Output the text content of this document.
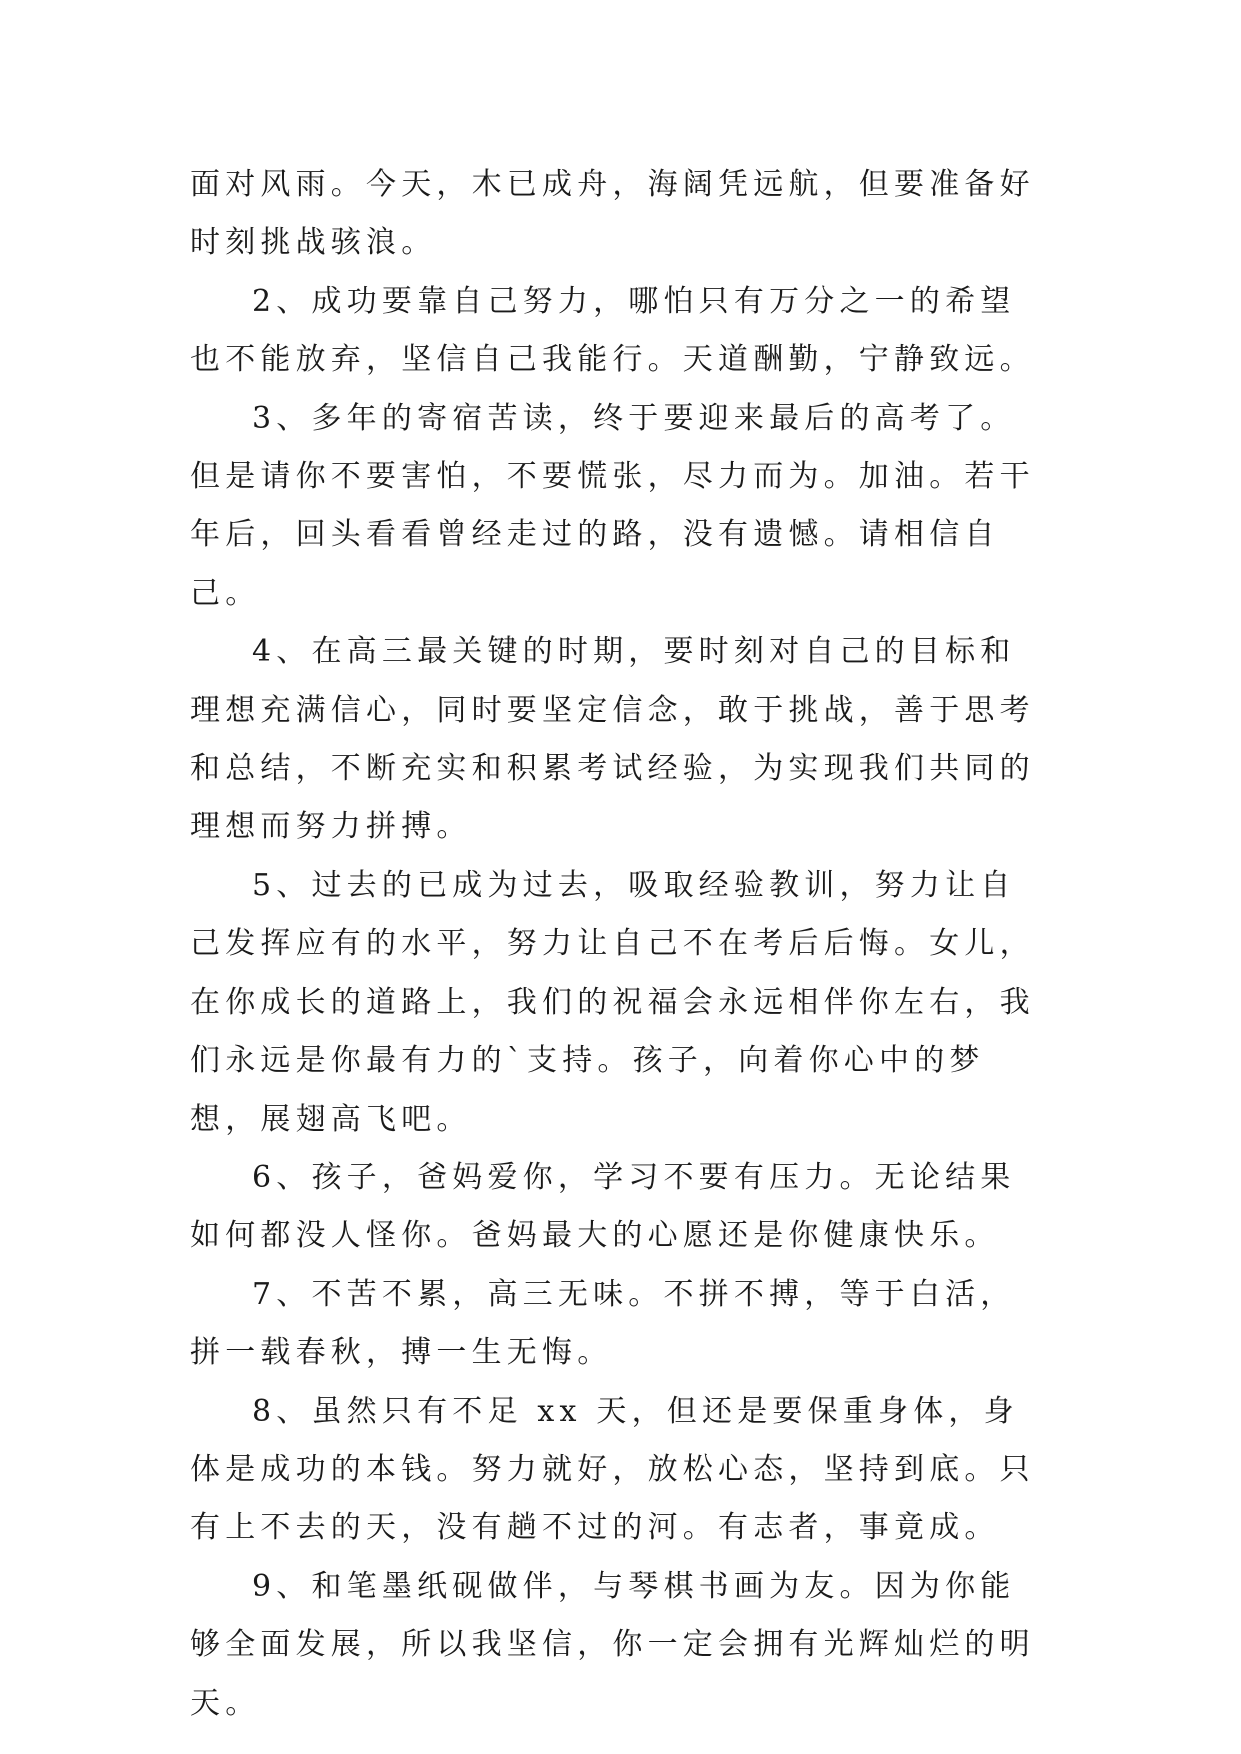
面对风雨。今天，木已成舟，海阔凭远航，但要准备好时刻挑战骇浪。

2、成功要靠自己努力，哪怕只有万分之一的希望也不能放弃，坚信自己我能行。天道酬勤，宁静致远。

3、多年的寄宿苦读，终于要迎来最后的高考了。但是请你不要害怕，不要慌张，尽力而为。加油。若干年后，回头看看曾经走过的路，没有遗憾。请相信自己。

4、在高三最关键的时期，要时刻对自己的目标和理想充满信心，同时要坚定信念，敢于挑战，善于思考和总结，不断充实和积累考试经验，为实现我们共同的理想而努力拼搏。

5、过去的已成为过去，吸取经验教训，努力让自己发挥应有的水平，努力让自己不在考后后悔。女儿，在你成长的道路上，我们的祝福会永远相伴你左右，我们永远是你最有力的`支持。孩子，向着你心中的梦想，展翅高飞吧。

6、孩子，爸妈爱你，学习不要有压力。无论结果如何都没人怪你。爸妈最大的心愿还是你健康快乐。

7、不苦不累，高三无味。不拼不搏，等于白活，拼一载春秋，搏一生无悔。

8、虽然只有不足 xx 天，但还是要保重身体，身体是成功的本钱。努力就好，放松心态，坚持到底。只有上不去的天，没有趟不过的河。有志者，事竟成。

9、和笔墨纸砚做伴，与琴棋书画为友。因为你能够全面发展，所以我坚信，你一定会拥有光辉灿烂的明天。
